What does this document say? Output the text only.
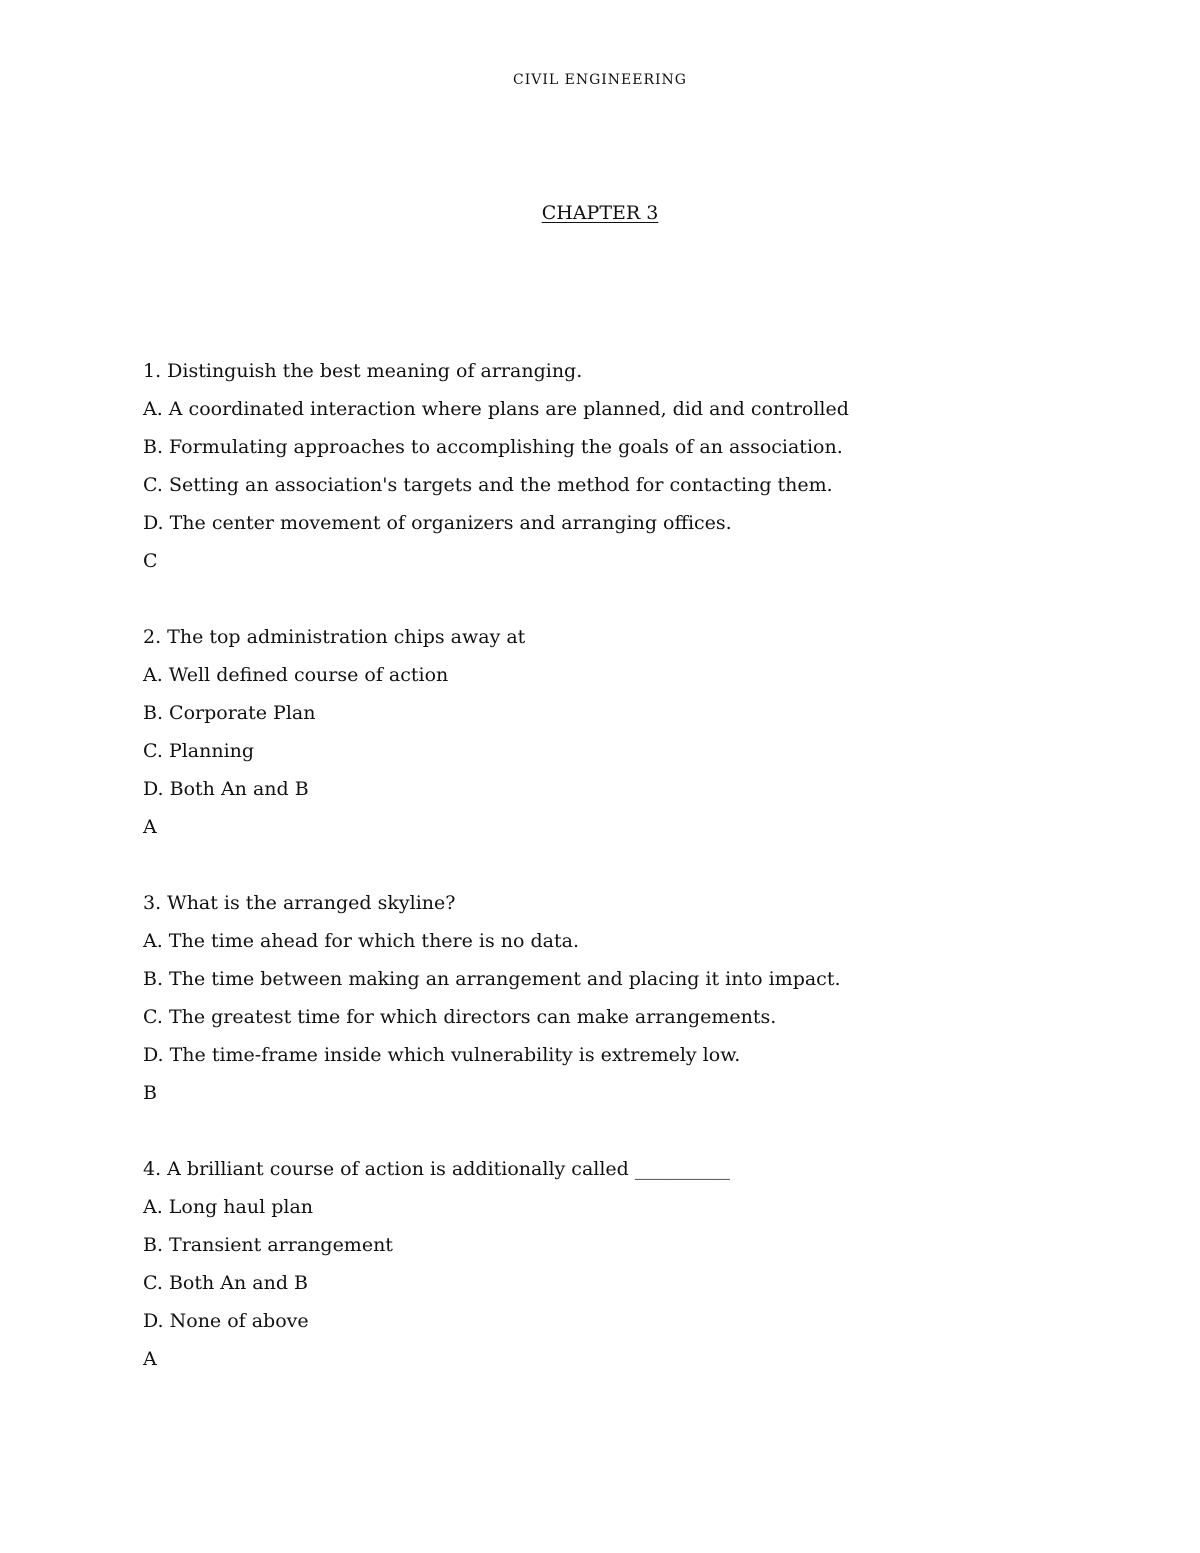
CIVIL ENGINEERING
CHAPTER 3
1. Distinguish the best meaning of arranging.
A. A coordinated interaction where plans are planned, did and controlled
B. Formulating approaches to accomplishing the goals of an association.
C. Setting an association's targets and the method for contacting them.
D. The center movement of organizers and arranging offices.
C
2. The top administration chips away at
A. Well defined course of action
B. Corporate Plan
C. Planning
D. Both An and B
A
3. What is the arranged skyline?
A. The time ahead for which there is no data.
B. The time between making an arrangement and placing it into impact.
C. The greatest time for which directors can make arrangements.
D. The time-frame inside which vulnerability is extremely low.
B
4. A brilliant course of action is additionally called __________
A. Long haul plan
B. Transient arrangement
C. Both An and B
D. None of above
A
